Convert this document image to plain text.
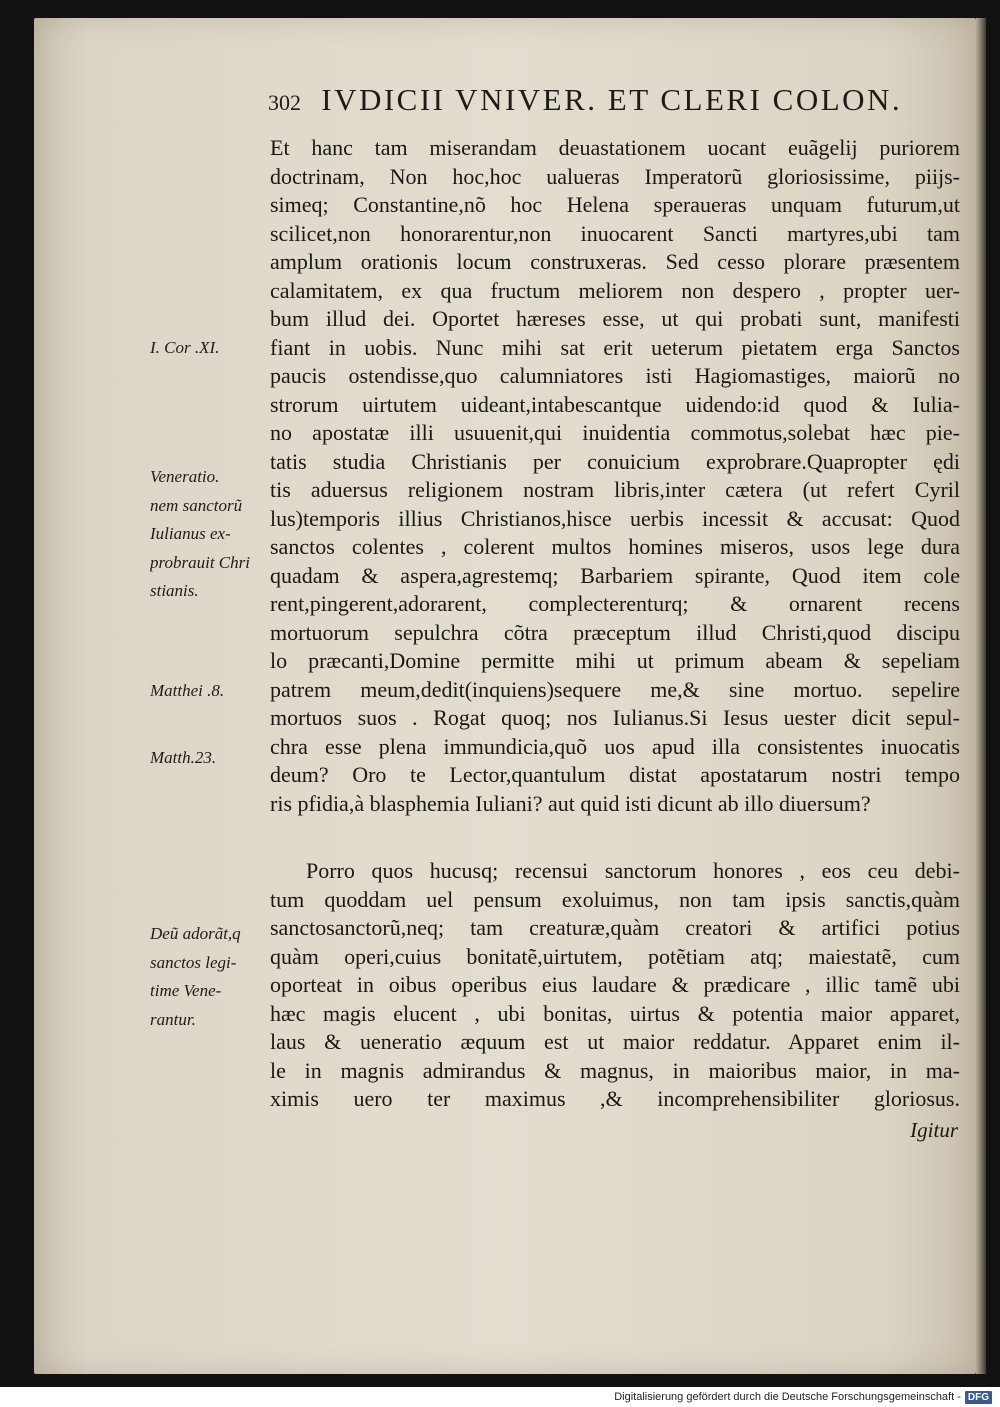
302 IVDICII VNIVER. ET CLERI COLON.
Et hanc tam miserandam deuastationem uocant euãgelij puriorem
doctrinam, Non hoc,hoc ualueras Imperatorũ gloriosissime, piĳs-
simeq; Constantine,nõ hoc Helena speraueras unquam futurum,ut
scilicet,non honorarentur,non inuocarent Sancti martyres,ubi tam
amplum orationis locum construxeras. Sed cesso plorare præsentem
calamitatem, ex qua fructum meliorem non despero , propter uer-
bum illud dei. Oportet hæreses esse, ut qui probati sunt, manifesti
fiant in uobis. Nunc mihi sat erit ueterum pietatem erga Sanctos
paucis ostendisse,quo calumniatores isti Hagiomastiges, maiorũ no
strorum uirtutem uideant,intabescantque uidendo:id quod & Iulia-
no apostatæ illi usuuenit,qui inuidentia commotus,solebat hæc pie-
tatis studia Christianis per conuicium exprobrare.Quapropter ędi
tis aduersus religionem nostram libris,inter cætera (ut refert Cyril
lus)temporis illius Christianos,hisce uerbis incessit & accusat: Quod
sanctos colentes , colerent multos homines miseros, usos lege dura
quadam & aspera,agrestemq; Barbariem spirante, Quod item cole
rent,pingerent,adorarent, complecterenturq; & ornarent recens
mortuorum sepulchra cõtra præceptum illud Christi,quod discipu
lo præcanti,Domine permitte mihi ut primum abeam & sepeliam
patrem meum,dedit(inquiens)sequere me,& sine mortuo. sepelire
mortuos suos . Rogat quoq; nos Iulianus.Si Iesus uester dicit sepul-
chra esse plena immundicia,quõ uos apud illa consistentes inuocatis
deum? Oro te Lector,quantulum distat apostatarum nostri tempo
ris pfidia,à blasphemia Iuliani? aut quid isti dicunt ab illo diuersum?
Porro quos hucusq; recensui sanctorum honores , eos ceu debi-
tum quoddam uel pensum exoluimus, non tam ipsis sanctis,quàm
sanctosanctorũ,neq; tam creaturæ,quàm creatori & artifici potius
quàm operi,cuius bonitatẽ,uirtutem, potẽtiam atq; maiestatẽ, cum
oporteat in oibus operibus eius laudare & prædicare , illic tamẽ ubi
hæc magis elucent , ubi bonitas, uirtus & potentia maior apparet,
laus & ueneratio æquum est ut maior reddatur. Apparet enim il-
le in magnis admirandus & magnus, in maioribus maior, in ma-
ximis uero ter maximus ,& incomprehensibiliter gloriosus.
Igitur
I. Cor .XI.
Veneratio.
nem sanctorũ
Iulianus ex-
probrauit Chri
stianis.
Matthei .8.
Matth.23.
Deũ adorãt,q
sanctos legi-
time Vene-
rantur.
Digitalisierung gefördert durch die Deutsche Forschungsgemeinschaft - DFG
